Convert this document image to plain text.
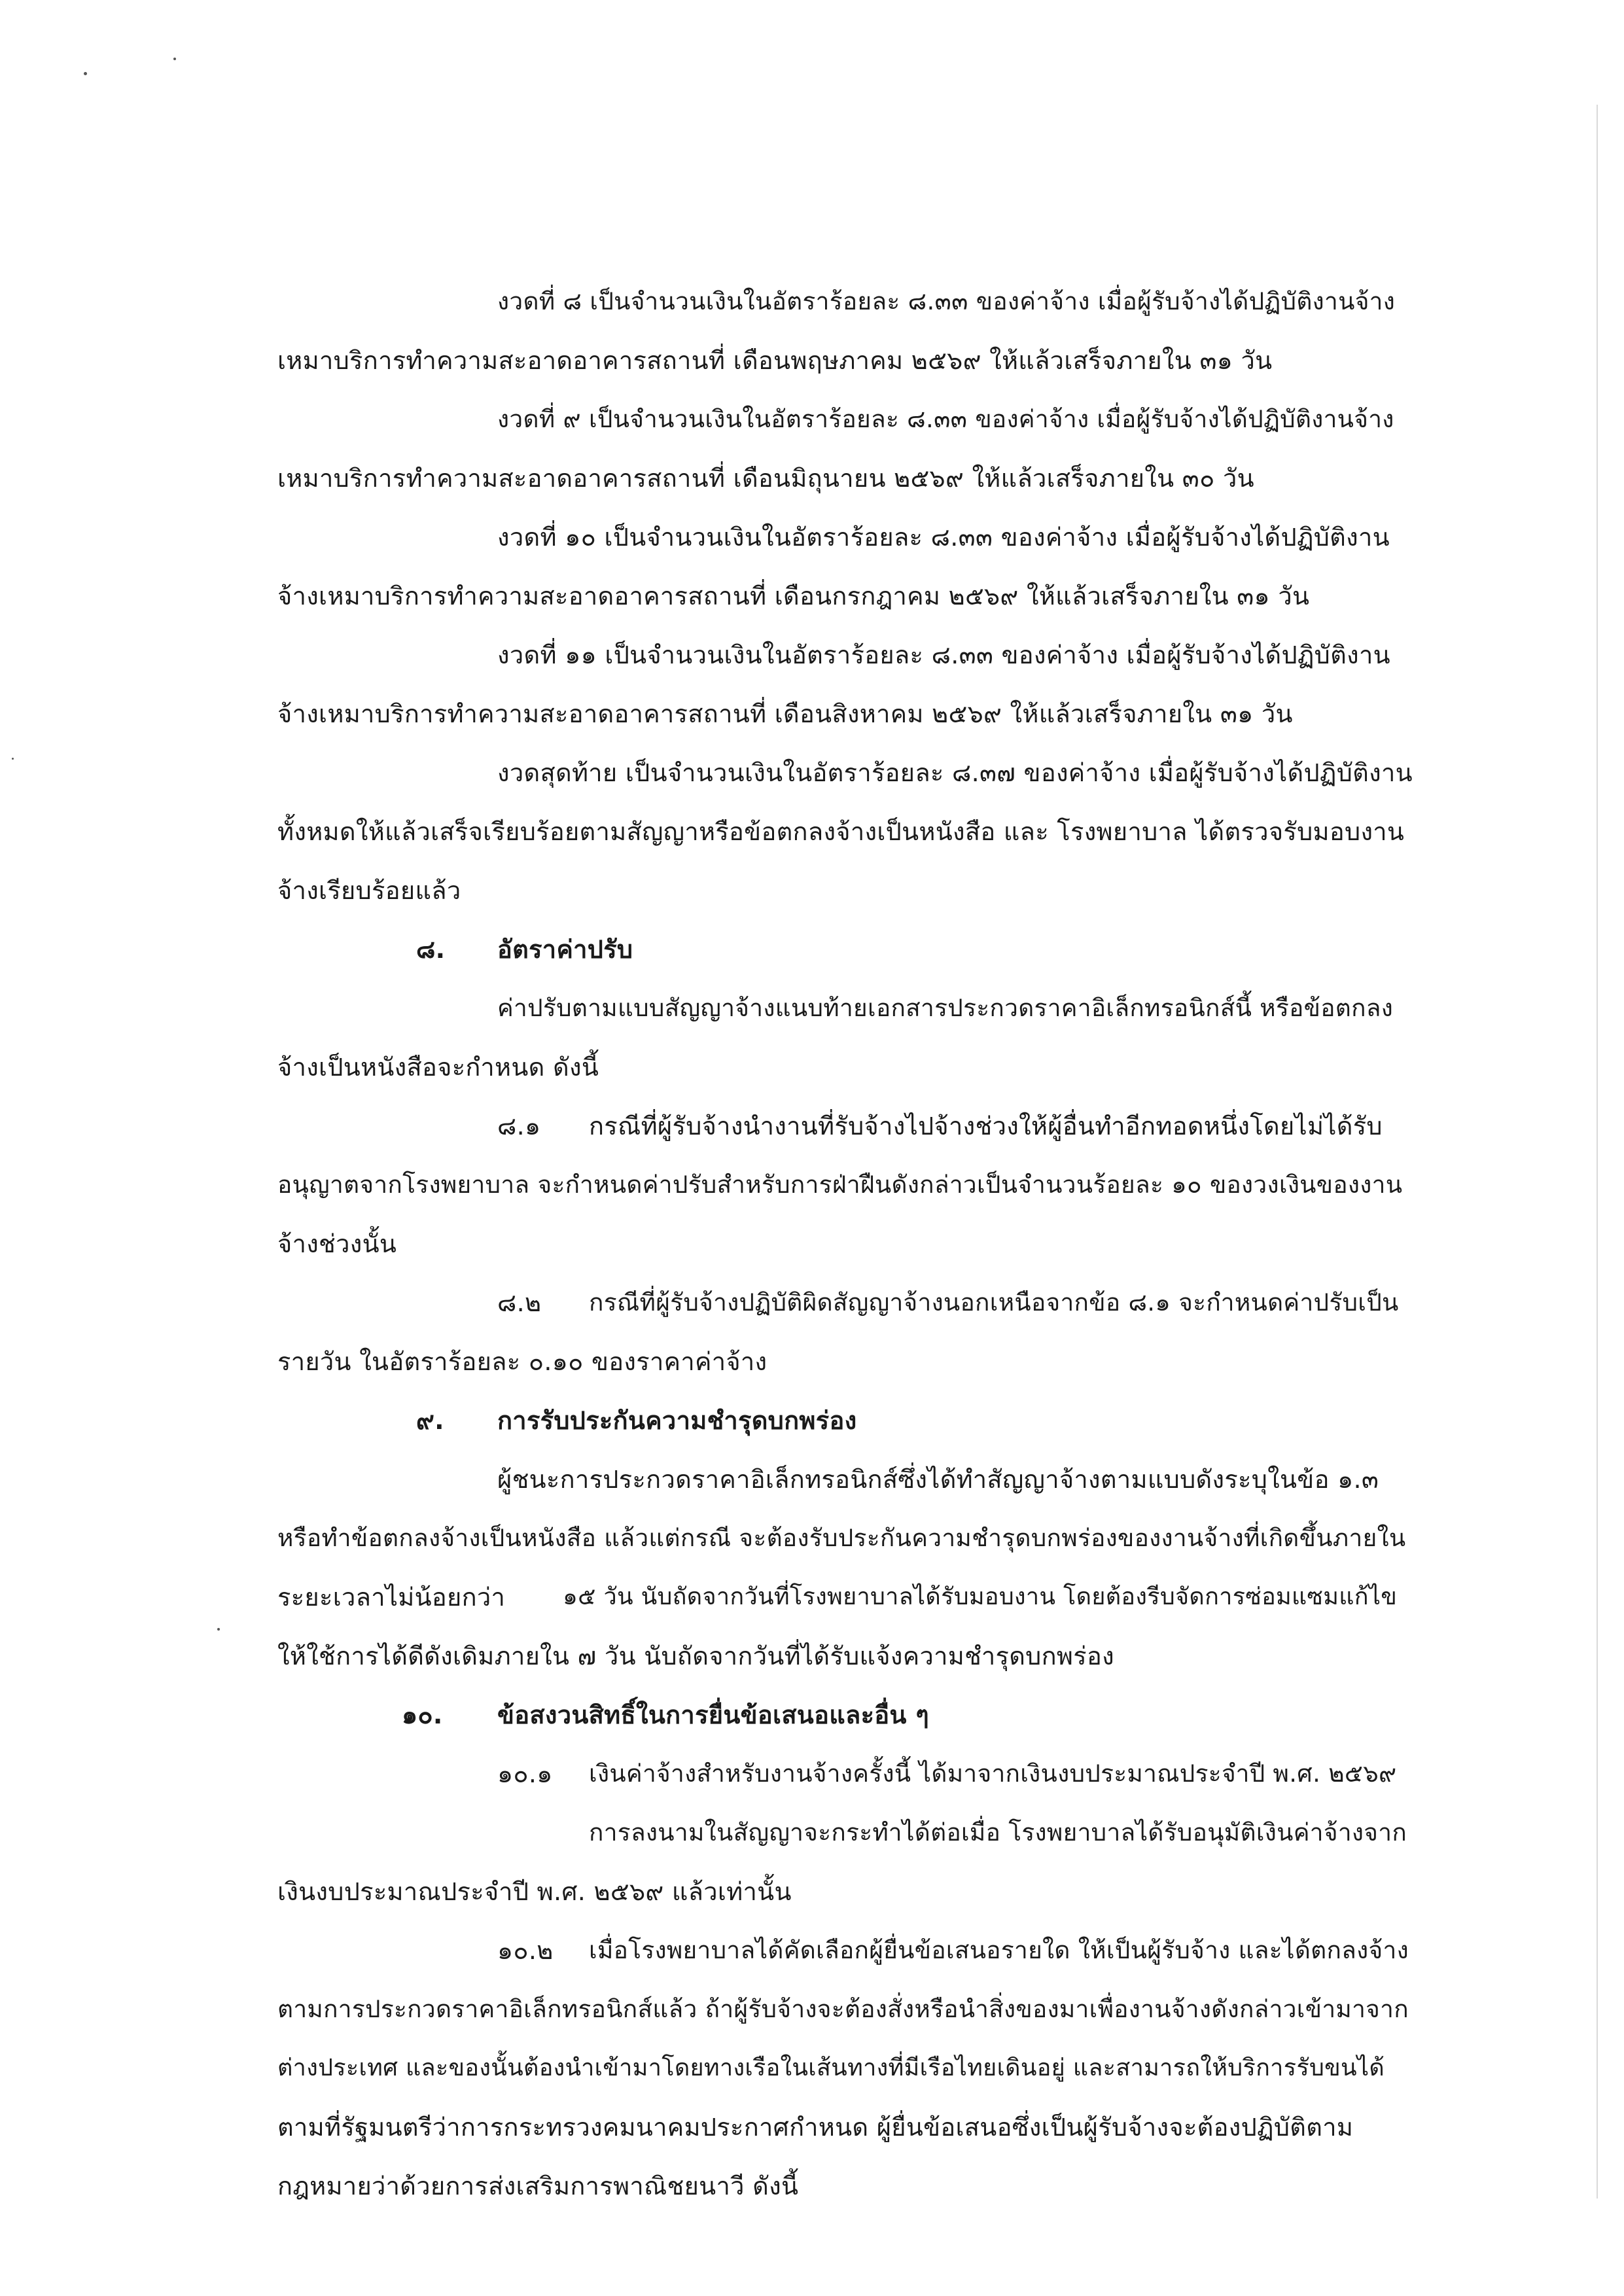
งวดที่ ๘ เป็นจำนวนเงินในอัตราร้อยละ ๘.๓๓ ของค่าจ้าง เมื่อผู้รับจ้างได้ปฏิบัติงานจ้าง
เหมาบริการทำความสะอาดอาคารสถานที่ เดือนพฤษภาคม ๒๕๖๙ ให้แล้วเสร็จภายใน ๓๑ วัน
งวดที่ ๙ เป็นจำนวนเงินในอัตราร้อยละ ๘.๓๓ ของค่าจ้าง เมื่อผู้รับจ้างได้ปฏิบัติงานจ้าง
เหมาบริการทำความสะอาดอาคารสถานที่ เดือนมิถุนายน ๒๕๖๙ ให้แล้วเสร็จภายใน ๓๐ วัน
งวดที่ ๑๐ เป็นจำนวนเงินในอัตราร้อยละ ๘.๓๓ ของค่าจ้าง เมื่อผู้รับจ้างได้ปฏิบัติงาน
จ้างเหมาบริการทำความสะอาดอาคารสถานที่ เดือนกรกฎาคม ๒๕๖๙ ให้แล้วเสร็จภายใน ๓๑ วัน
งวดที่ ๑๑ เป็นจำนวนเงินในอัตราร้อยละ ๘.๓๓ ของค่าจ้าง เมื่อผู้รับจ้างได้ปฏิบัติงาน
จ้างเหมาบริการทำความสะอาดอาคารสถานที่ เดือนสิงหาคม ๒๕๖๙ ให้แล้วเสร็จภายใน ๓๑ วัน
งวดสุดท้าย เป็นจำนวนเงินในอัตราร้อยละ ๘.๓๗ ของค่าจ้าง เมื่อผู้รับจ้างได้ปฏิบัติงาน
ทั้งหมดให้แล้วเสร็จเรียบร้อยตามสัญญาหรือข้อตกลงจ้างเป็นหนังสือ และ โรงพยาบาล ได้ตรวจรับมอบงาน
จ้างเรียบร้อยแล้ว
๘. อัตราค่าปรับ
ค่าปรับตามแบบสัญญาจ้างแนบท้ายเอกสารประกวดราคาอิเล็กทรอนิกส์นี้ หรือข้อตกลง
จ้างเป็นหนังสือจะกำหนด ดังนี้
๘.๑ กรณีที่ผู้รับจ้างนำงานที่รับจ้างไปจ้างช่วงให้ผู้อื่นทำอีกทอดหนึ่งโดยไม่ได้รับ
อนุญาตจากโรงพยาบาล จะกำหนดค่าปรับสำหรับการฝ่าฝืนดังกล่าวเป็นจำนวนร้อยละ ๑๐ ของวงเงินของงาน
จ้างช่วงนั้น
๘.๒ กรณีที่ผู้รับจ้างปฏิบัติผิดสัญญาจ้างนอกเหนือจากข้อ ๘.๑ จะกำหนดค่าปรับเป็น
รายวัน ในอัตราร้อยละ ๐.๑๐ ของราคาค่าจ้าง
๙. การรับประกันความชำรุดบกพร่อง
ผู้ชนะการประกวดราคาอิเล็กทรอนิกส์ซึ่งได้ทำสัญญาจ้างตามแบบดังระบุในข้อ ๑.๓
หรือทำข้อตกลงจ้างเป็นหนังสือ แล้วแต่กรณี จะต้องรับประกันความชำรุดบกพร่องของงานจ้างที่เกิดขึ้นภายใน
ระยะเวลาไม่น้อยกว่า ๑๕ วัน นับถัดจากวันที่โรงพยาบาลได้รับมอบงาน โดยต้องรีบจัดการซ่อมแซมแก้ไข
ให้ใช้การได้ดีดังเดิมภายใน ๗ วัน นับถัดจากวันที่ได้รับแจ้งความชำรุดบกพร่อง
๑๐. ข้อสงวนสิทธิ์ในการยื่นข้อเสนอและอื่น ๆ
๑๐.๑ เงินค่าจ้างสำหรับงานจ้างครั้งนี้ ได้มาจากเงินงบประมาณประจำปี พ.ศ. ๒๕๖๙
การลงนามในสัญญาจะกระทำได้ต่อเมื่อ โรงพยาบาลได้รับอนุมัติเงินค่าจ้างจาก
เงินงบประมาณประจำปี พ.ศ. ๒๕๖๙ แล้วเท่านั้น
๑๐.๒ เมื่อโรงพยาบาลได้คัดเลือกผู้ยื่นข้อเสนอรายใด ให้เป็นผู้รับจ้าง และได้ตกลงจ้าง
ตามการประกวดราคาอิเล็กทรอนิกส์แล้ว ถ้าผู้รับจ้างจะต้องสั่งหรือนำสิ่งของมาเพื่องานจ้างดังกล่าวเข้ามาจาก
ต่างประเทศ และของนั้นต้องนำเข้ามาโดยทางเรือในเส้นทางที่มีเรือไทยเดินอยู่ และสามารถให้บริการรับขนได้
ตามที่รัฐมนตรีว่าการกระทรวงคมนาคมประกาศกำหนด ผู้ยื่นข้อเสนอซึ่งเป็นผู้รับจ้างจะต้องปฏิบัติตาม
กฎหมายว่าด้วยการส่งเสริมการพาณิชยนาวี ดังนี้
